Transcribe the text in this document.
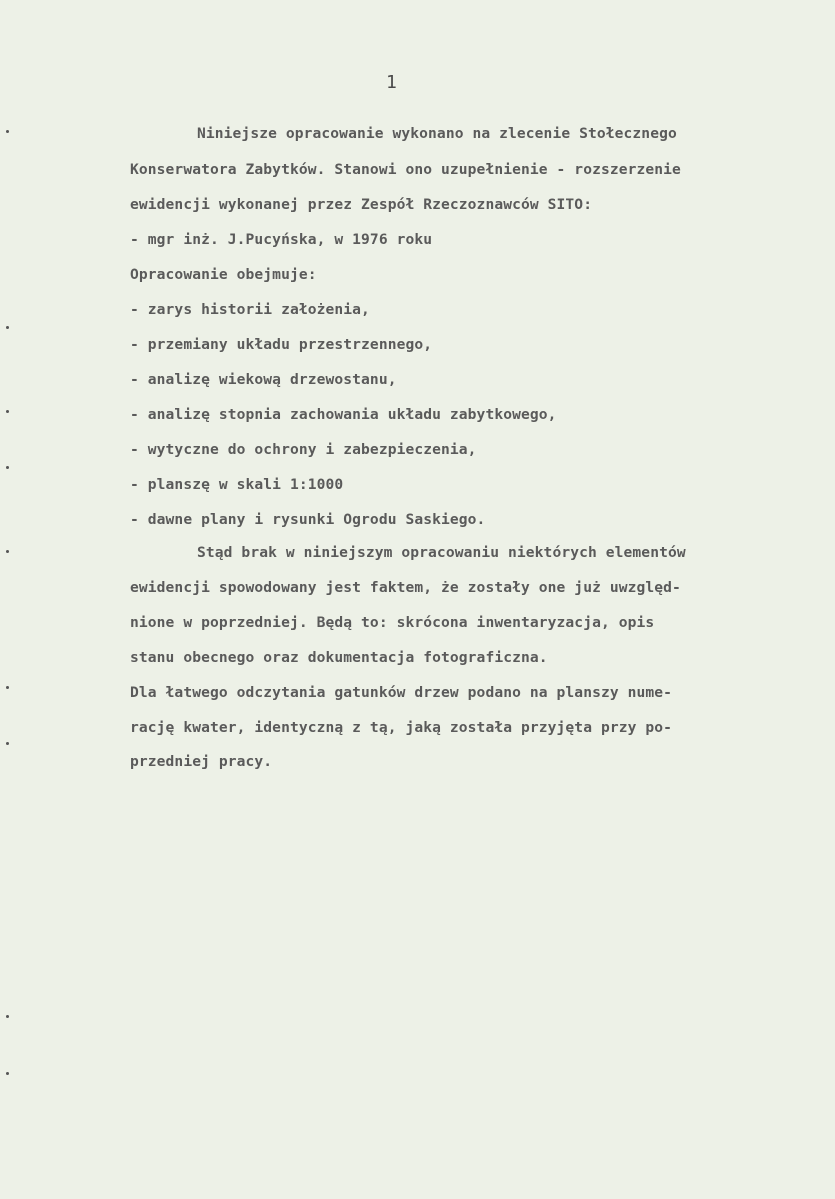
1
Niniejsze opracowanie wykonano na zlecenie Stołecznego
Konserwatora Zabytków. Stanowi ono uzupełnienie - rozszerzenie
ewidencji wykonanej przez Zespół Rzeczoznawców SITO:
- mgr inż. J.Pucyńska, w 1976 roku
Opracowanie obejmuje:
- zarys historii założenia,
- przemiany układu przestrzennego,
- analizę wiekową drzewostanu,
- analizę stopnia zachowania układu zabytkowego,
- wytyczne do ochrony i zabezpieczenia,
- planszę w skali 1:1000
- dawne plany i rysunki Ogrodu Saskiego.
Stąd brak w niniejszym opracowaniu niektórych elementów
ewidencji spowodowany jest faktem, że zostały one już uwzględ-
nione w poprzedniej. Będą to: skrócona inwentaryzacja, opis
stanu obecnego oraz dokumentacja fotograficzna.
Dla łatwego odczytania gatunków drzew podano na planszy nume-
rację kwater, identyczną z tą, jaką została przyjęta przy po-
przedniej pracy.
